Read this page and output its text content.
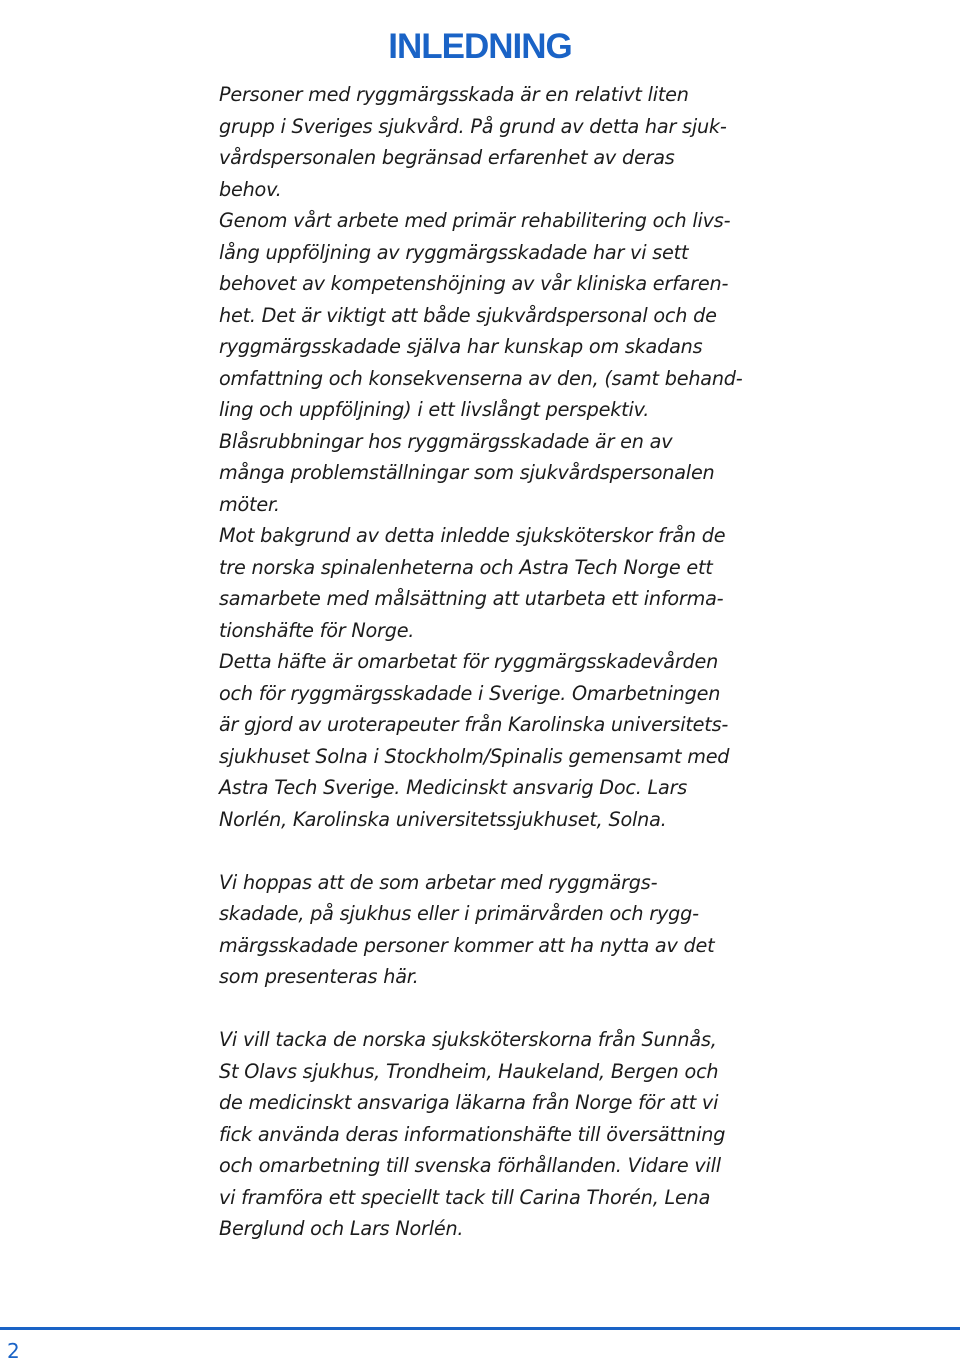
INLEDNING
Personer med ryggmärgsskada är en relativt liten
grupp i Sveriges sjukvård. På grund av detta har sjuk-
vårdspersonalen begränsad erfarenhet av deras
behov.
Genom vårt arbete med primär rehabilitering och livs-
lång uppföljning av ryggmärgsskadade har vi sett
behovet av kompetenshöjning av vår kliniska erfaren-
het. Det är viktigt att både sjukvårdspersonal och de
ryggmärgsskadade själva har kunskap om skadans
omfattning och konsekvenserna av den, (samt behand-
ling och uppföljning) i ett livslångt perspektiv.
Blåsrubbningar hos ryggmärgsskadade är en av
många problemställningar som sjukvårdspersonalen
möter.
Mot bakgrund av detta inledde sjuksköterskor från de
tre norska spinalenheterna och Astra Tech Norge ett
samarbete med målsättning att utarbeta ett informa-
tionshäfte för Norge.
Detta häfte är omarbetat för ryggmärgsskadevården
och för ryggmärgsskadade i Sverige. Omarbetningen
är gjord av uroterapeuter från Karolinska universitets-
sjukhuset Solna i Stockholm/Spinalis gemensamt med
Astra Tech Sverige. Medicinskt ansvarig Doc. Lars
Norlén, Karolinska universitetssjukhuset, Solna.
Vi hoppas att de som arbetar med ryggmärgs-
skadade, på sjukhus eller i primärvården och rygg-
märgsskadade personer kommer att ha nytta av det
som presenteras här.
Vi vill tacka de norska sjuksköterskorna från Sunnås,
St Olavs sjukhus, Trondheim, Haukeland, Bergen och
de medicinskt ansvariga läkarna från Norge för att vi
fick använda deras informationshäfte till översättning
och omarbetning till svenska förhållanden. Vidare vill
vi framföra ett speciellt tack till Carina Thorén, Lena
Berglund och Lars Norlén.
2
